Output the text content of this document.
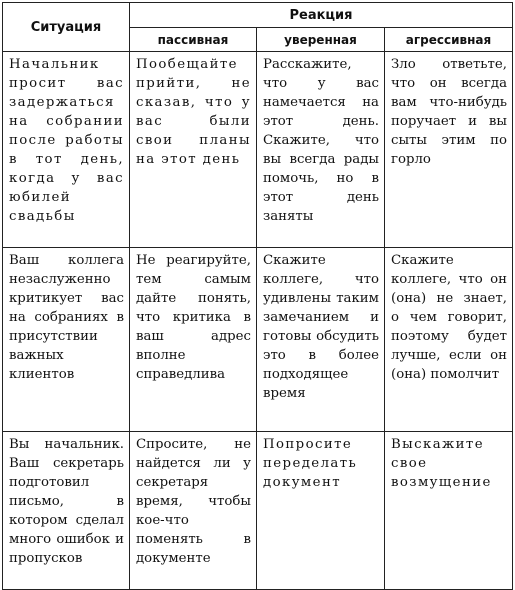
Ситуация	Реакция		
	пассивная	уверенная	агрессивная
Начальник просит вас задержаться на собрании после работы в тот день, когда у вас юбилей свадьбы	Пообещайте прийти, не сказав, что у вас были свои планы на этот день	Расскажите, что у вас намечается на этот день. Скажите, что вы всегда рады помочь, но в этот день заняты	Зло ответьте, что он всегда вам что-нибудь поручает и вы сыты этим по горло
Ваш коллега незаслуженно критикует вас на собраниях в присутствии важных клиентов	Не реагируйте, тем самым дайте понять, что критика в ваш адрес вполне справедлива	Скажите коллеге, что удивлены таким замечанием и готовы обсудить это в более подходящее время	Скажите коллеге, что он (она) не знает, о чем говорит, поэтому будет лучше, если он (она) помолчит
Вы начальник. Ваш секретарь подготовил письмо, в котором сделал много ошибок и пропусков	Спросите, не найдется ли у секретаря время, чтобы кое-что поменять в документе	Попросите переделать документ	Выскажите свое возмущение
